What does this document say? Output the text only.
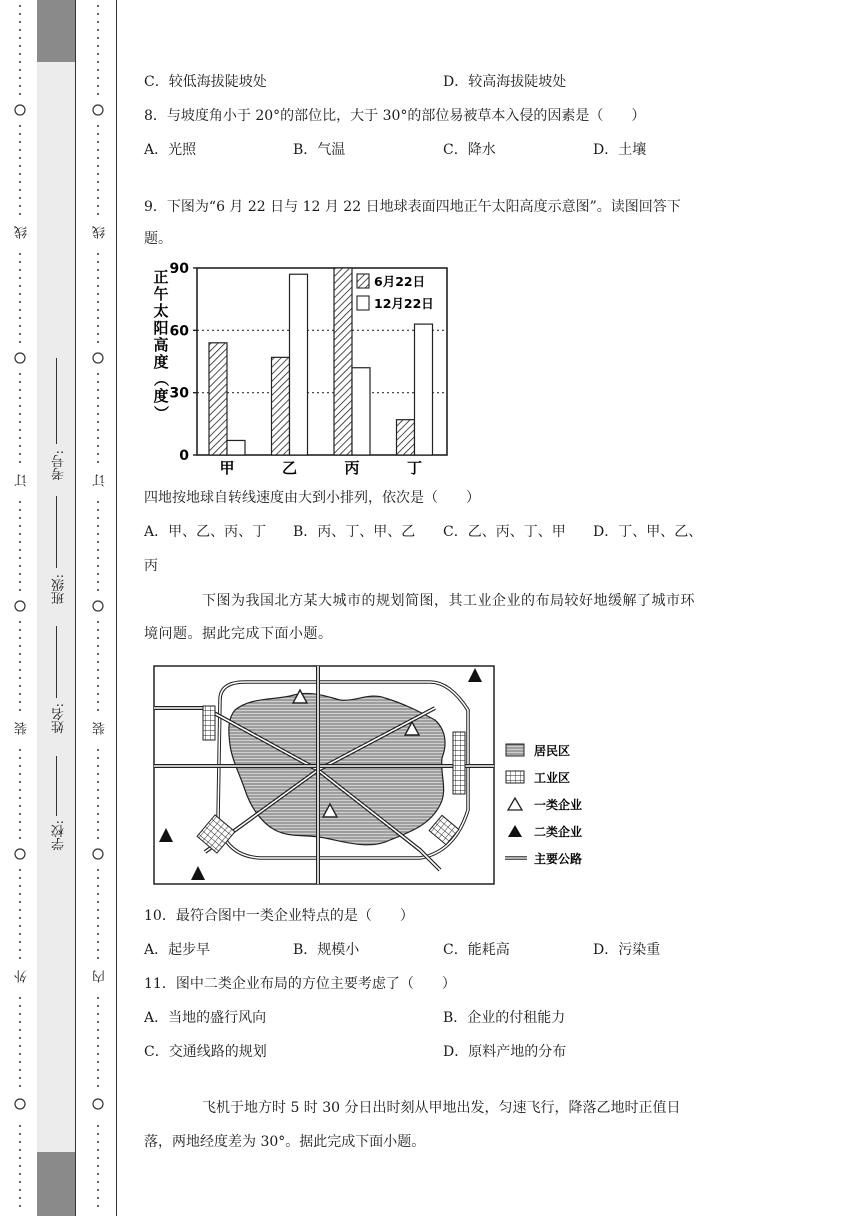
外
装
订
线
内
装
订
线
学校:
姓名:
班级:
考号:
C．较低海拔陡坡处	D．较高海拔陡坡处
8．与坡度角小于 20°的部位比，大于 30°的部位易被草本入侵的因素是（　　）
A．光照	B．气温	C．降水	D．土壤
9．下图为“6 月 22 日与 12 月 22 日地球表面四地正午太阳高度示意图”。读图回答下
题。
0
30
60
90
正
午
太
阳
高
度
（
度
）
甲	乙	丙	丁
6月22日
12月22日
四地按地球自转线速度由大到小排列，依次是（　　）
A．甲、乙、丙、丁 B．丙、丁、甲、乙 C．乙、丙、丁、甲 D．丁、甲、乙、
丙
下图为我国北方某大城市的规划简图，其工业企业的布局较好地缓解了城市环
境问题。据此完成下面小题。
居民区
工业区
一类企业
二类企业
主要公路
10．最符合图中一类企业特点的是（　　）
A．起步早	B．规模小	C．能耗高	D．污染重
11．图中二类企业布局的方位主要考虑了（　　）
A．当地的盛行风向	B．企业的付租能力
C．交通线路的规划	D．原料产地的分布
飞机于地方时 5 时 30 分日出时刻从甲地出发，匀速飞行，降落乙地时正值日
落，两地经度差为 30°。据此完成下面小题。
